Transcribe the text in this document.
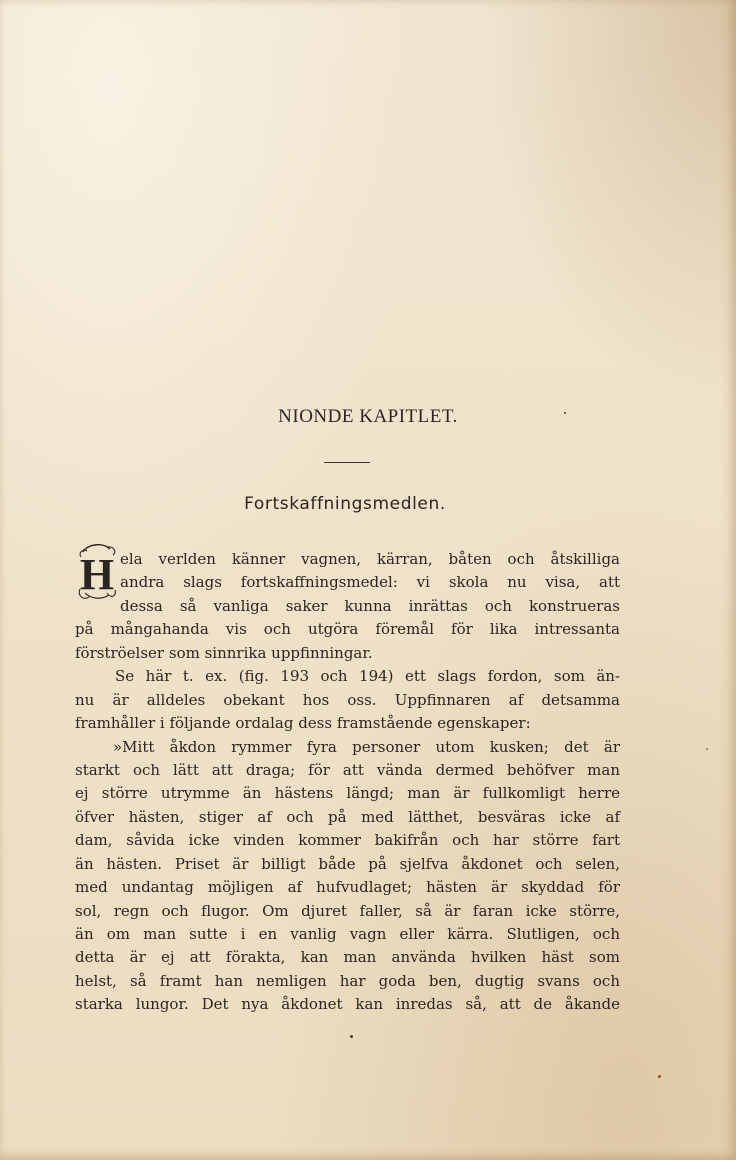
NIONDE KAPITLET.
Fortskaffningsmedlen.
H ela verlden känner vagnen, kärran, båten och åtskilliga
andra slags fortskaffningsmedel: vi skola nu visa, att
dessa så vanliga saker kunna inrättas och konstrueras
på mångahanda vis och utgöra föremål för lika intressanta
förströelser som sinnrika uppfinningar.
Se här t. ex. (fig. 193 och 194) ett slags fordon, som än-
nu är alldeles obekant hos oss. Uppfinnaren af detsamma
framhåller i följande ordalag dess framstående egenskaper:
»Mitt åkdon rymmer fyra personer utom kusken; det är
starkt och lätt att draga; för att vända dermed behöfver man
ej större utrymme än hästens längd; man är fullkomligt herre
öfver hästen, stiger af och på med lätthet, besväras icke af
dam, såvida icke vinden kommer bakifrån och har större fart
än hästen. Priset är billigt både på sjelfva åkdonet och selen,
med undantag möjligen af hufvudlaget; hästen är skyddad för
sol, regn och flugor. Om djuret faller, så är faran icke större,
än om man sutte i en vanlig vagn eller kärra. Slutligen, och
detta är ej att förakta, kan man använda hvilken häst som
helst, så framt han nemligen har goda ben, dugtig svans och
starka lungor. Det nya åkdonet kan inredas så, att de åkande
